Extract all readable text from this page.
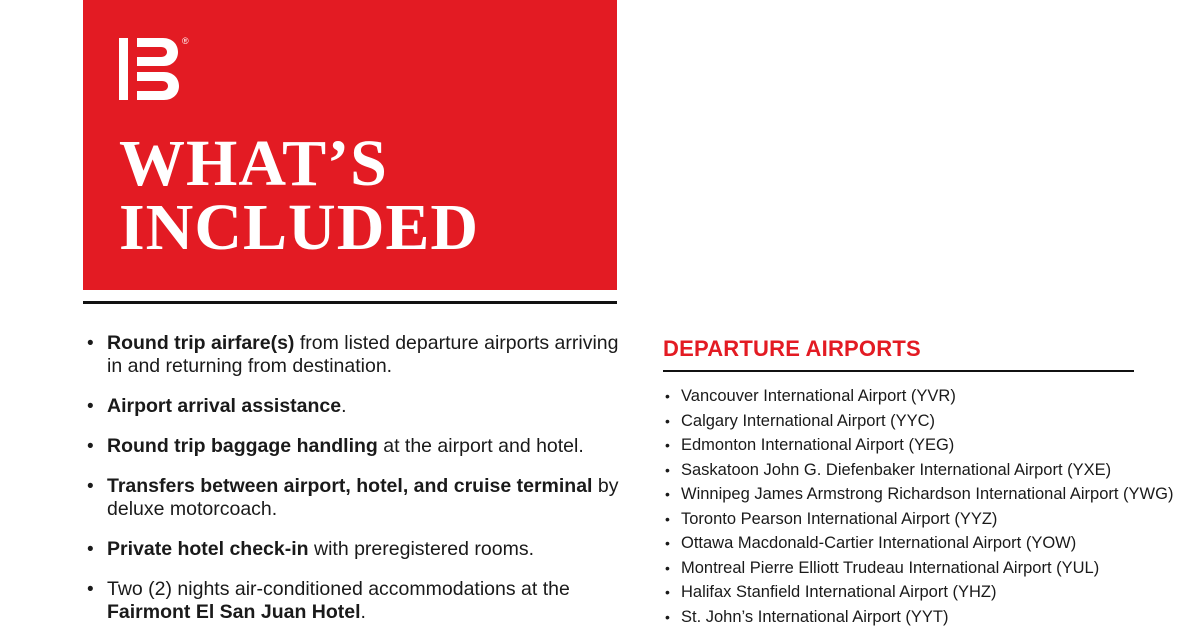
®
WHAT’S
INCLUDED
• Round trip airfare(s) from listed departure airports arriving in and returning from destination.
• Airport arrival assistance.
• Round trip baggage handling at the airport and hotel.
• Transfers between airport, hotel, and cruise terminal by deluxe motorcoach.
• Private hotel check-in with preregistered rooms.
• Two (2) nights air-conditioned accommodations at the Fairmont El San Juan Hotel.
DEPARTURE AIRPORTS
• Vancouver International Airport (YVR)
• Calgary International Airport (YYC)
• Edmonton International Airport (YEG)
• Saskatoon John G. Diefenbaker International Airport (YXE)
• Winnipeg James Armstrong Richardson International Airport (YWG)
• Toronto Pearson International Airport (YYZ)
• Ottawa Macdonald-Cartier International Airport (YOW)
• Montreal Pierre Elliott Trudeau International Airport (YUL)
• Halifax Stanfield International Airport (YHZ)
• St. John’s International Airport (YYT)
